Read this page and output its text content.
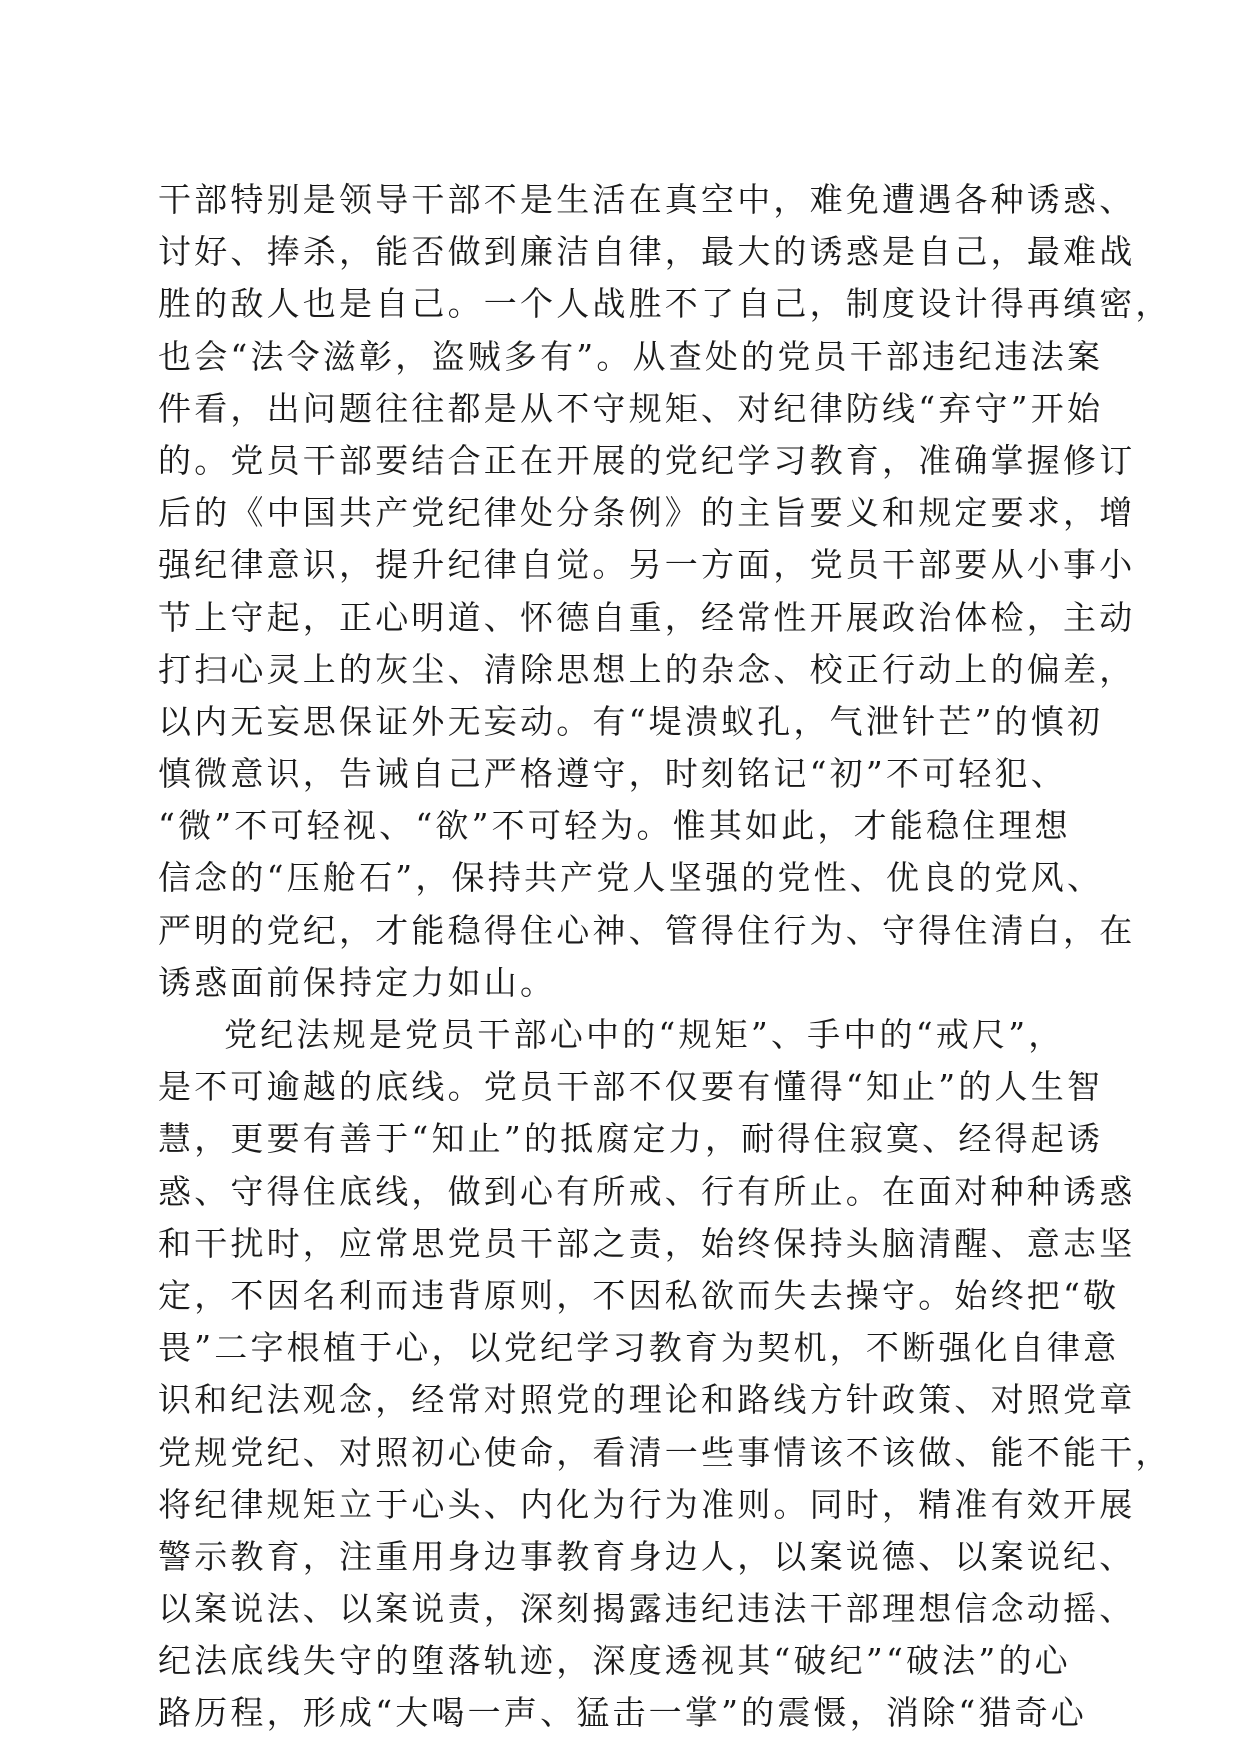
干部特别是领导干部不是生活在真空中，难免遭遇各种诱惑、
讨好、捧杀，能否做到廉洁自律，最大的诱惑是自己，最难战
胜的敌人也是自己。一个人战胜不了自己，制度设计得再缜密，
也会“法令滋彰，盗贼多有”。从查处的党员干部违纪违法案
件看，出问题往往都是从不守规矩、对纪律防线“弃守”开始
的。党员干部要结合正在开展的党纪学习教育，准确掌握修订
后的《中国共产党纪律处分条例》的主旨要义和规定要求，增
强纪律意识，提升纪律自觉。另一方面，党员干部要从小事小
节上守起，正心明道、怀德自重，经常性开展政治体检，主动
打扫心灵上的灰尘、清除思想上的杂念、校正行动上的偏差，
以内无妄思保证外无妄动。有“堤溃蚁孔，气泄针芒”的慎初
慎微意识，告诫自己严格遵守，时刻铭记“初”不可轻犯、
“微”不可轻视、“欲”不可轻为。惟其如此，才能稳住理想
信念的“压舱石”，保持共产党人坚强的党性、优良的党风、
严明的党纪，才能稳得住心神、管得住行为、守得住清白，在
诱惑面前保持定力如山。
党纪法规是党员干部心中的“规矩”、手中的“戒尺”，
是不可逾越的底线。党员干部不仅要有懂得“知止”的人生智
慧，更要有善于“知止”的抵腐定力，耐得住寂寞、经得起诱
惑、守得住底线，做到心有所戒、行有所止。在面对种种诱惑
和干扰时，应常思党员干部之责，始终保持头脑清醒、意志坚
定，不因名利而违背原则，不因私欲而失去操守。始终把“敬
畏”二字根植于心，以党纪学习教育为契机，不断强化自律意
识和纪法观念，经常对照党的理论和路线方针政策、对照党章
党规党纪、对照初心使命，看清一些事情该不该做、能不能干，
将纪律规矩立于心头、内化为行为准则。同时，精准有效开展
警示教育，注重用身边事教育身边人，以案说德、以案说纪、
以案说法、以案说责，深刻揭露违纪违法干部理想信念动摇、
纪法底线失守的堕落轨迹，深度透视其“破纪”“破法”的心
路历程，形成“大喝一声、猛击一掌”的震慑，消除“猎奇心
